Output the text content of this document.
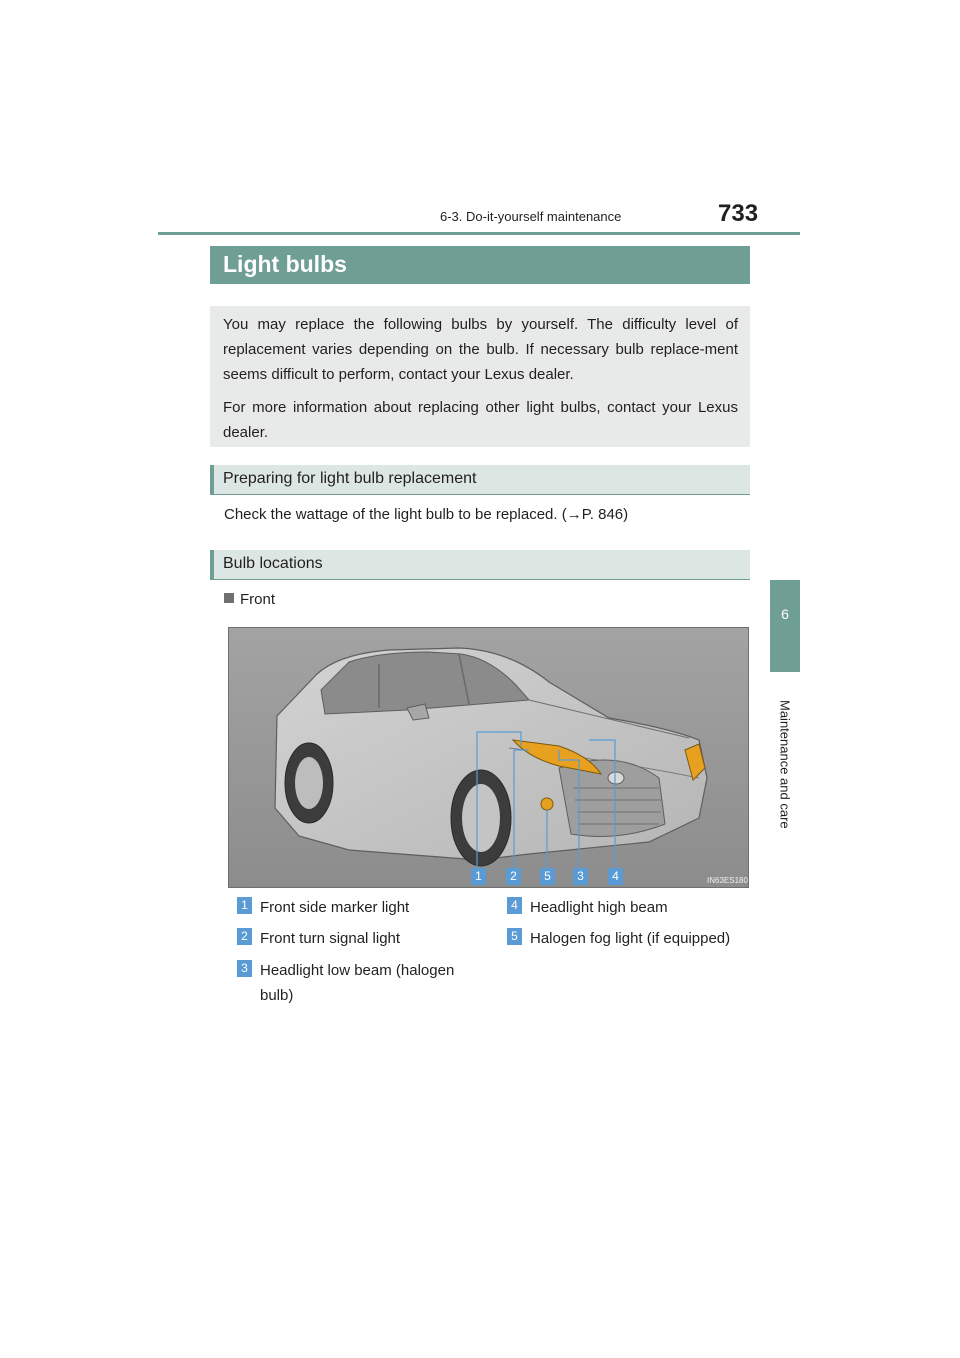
6-3. Do-it-yourself maintenance	733
6
Maintenance and care
Light bulbs

You may replace the following bulbs by yourself. The difficulty level of replacement varies depending on the bulb. If necessary bulb replace-ment seems difficult to perform, contact your Lexus dealer.

For more information about replacing other light bulbs, contact your Lexus dealer.

Preparing for light bulb replacement
Check the wattage of the light bulb to be replaced. (→P. 846)
Bulb locations
Front
IN63ES180
1	2	5	3	4
1 Front side marker light
2 Front turn signal light
3 Headlight low beam (halogen bulb)
4 Headlight high beam
5 Halogen fog light (if equipped)
